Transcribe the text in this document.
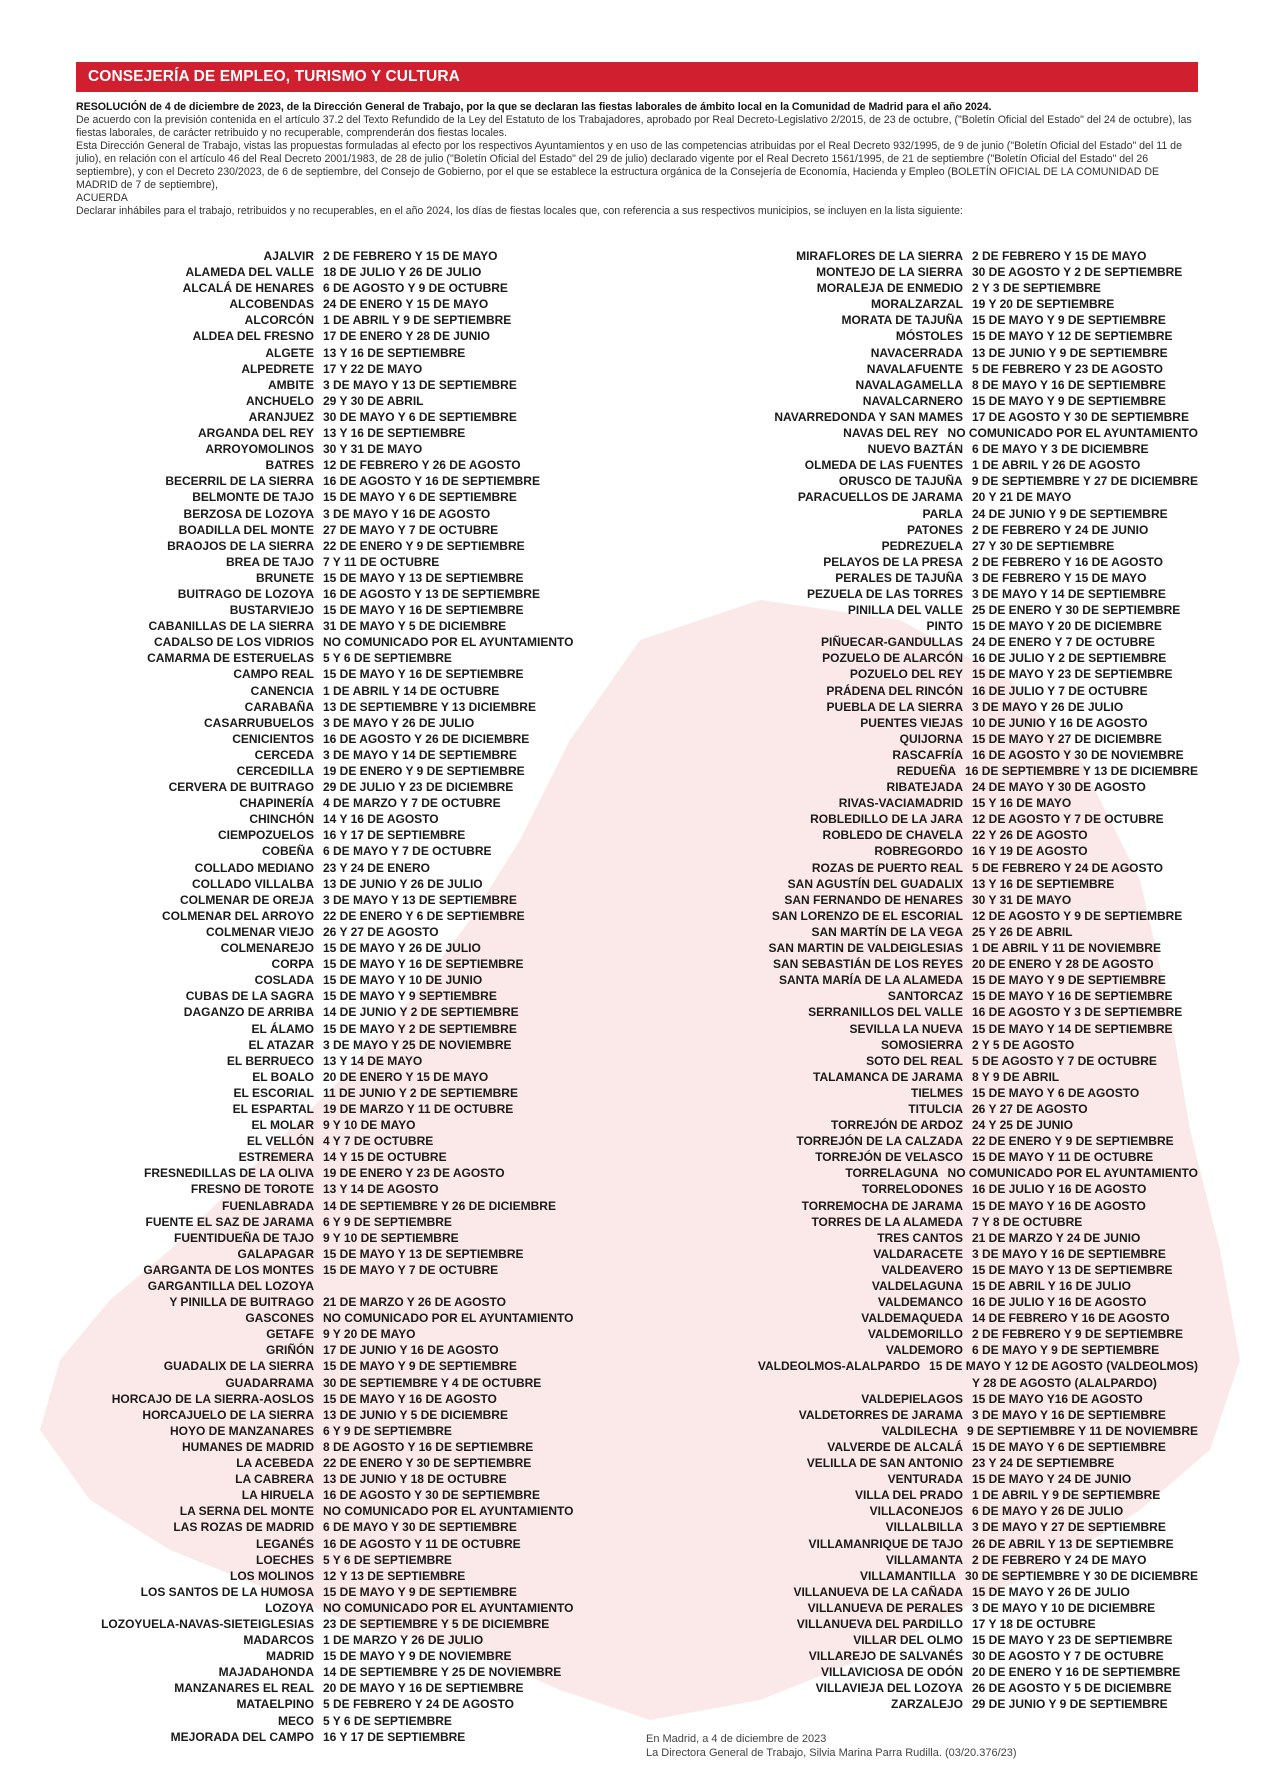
CONSEJERÍA DE EMPLEO, TURISMO Y CULTURA

RESOLUCIÓN de 4 de diciembre de 2023, de la Dirección General de Trabajo, por la que se declaran las fiestas laborales de ámbito local en la Comunidad de Madrid para el año 2024.

De acuerdo con la previsión contenida en el artículo 37.2 del Texto Refundido de la Ley del Estatuto de los Trabajadores, aprobado por Real Decreto-Legislativo 2/2015, de 23 de octubre, ("Boletín Oficial del Estado" del 24 de octubre), las fiestas laborales, de carácter retribuido y no recuperable, comprenderán dos fiestas locales.

Esta Dirección General de Trabajo, vistas las propuestas formuladas al efecto por los respectivos Ayuntamientos y en uso de las competencias atribuidas por el Real Decreto 932/1995, de 9 de junio ("Boletín Oficial del Estado" del 11 de julio), en relación con el artículo 46 del Real Decreto 2001/1983, de 28 de julio ("Boletín Oficial del Estado" del 29 de julio) declarado vigente por el Real Decreto 1561/1995, de 21 de septiembre ("Boletín Oficial del Estado" del 26 septiembre), y con el Decreto 230/2023, de 6 de septiembre, del Consejo de Gobierno, por el que se establece la estructura orgánica de la Consejería de Economía, Hacienda y Empleo (BOLETÍN OFICIAL DE LA COMUNIDAD DE MADRID de 7 de septiembre),

ACUERDA

Declarar inhábiles para el trabajo, retribuidos y no recuperables, en el año 2024, los días de fiestas locales que, con referencia a sus respectivos municipios, se incluyen en la lista siguiente:

AJALVIR 2 DE FEBRERO Y 15 DE MAYO
ALAMEDA DEL VALLE 18 DE JULIO Y 26 DE JULIO
ALCALÁ DE HENARES 6 DE AGOSTO Y 9 DE OCTUBRE
ALCOBENDAS 24 DE ENERO Y 15 DE MAYO
ALCORCÓN 1 DE ABRIL Y 9 DE SEPTIEMBRE
ALDEA DEL FRESNO 17 DE ENERO Y 28 DE JUNIO
ALGETE 13 Y 16 DE SEPTIEMBRE
ALPEDRETE 17 Y 22 DE MAYO
AMBITE 3 DE MAYO Y 13 DE SEPTIEMBRE
ANCHUELO 29 Y 30 DE ABRIL
ARANJUEZ 30 DE MAYO Y 6 DE SEPTIEMBRE
ARGANDA DEL REY 13 Y 16 DE SEPTIEMBRE
ARROYOMOLINOS 30 Y 31 DE MAYO
BATRES 12 DE FEBRERO Y 26 DE AGOSTO
BECERRIL DE LA SIERRA 16 DE AGOSTO Y 16 DE SEPTIEMBRE
BELMONTE DE TAJO 15 DE MAYO Y 6 DE SEPTIEMBRE
BERZOSA DE LOZOYA 3 DE MAYO Y 16 DE AGOSTO
BOADILLA DEL MONTE 27 DE MAYO Y 7 DE OCTUBRE
BRAOJOS DE LA SIERRA 22 DE ENERO Y 9 DE SEPTIEMBRE
BREA DE TAJO 7 Y 11 DE OCTUBRE
BRUNETE 15 DE MAYO Y 13 DE SEPTIEMBRE
BUITRAGO DE LOZOYA 16 DE AGOSTO Y 13 DE SEPTIEMBRE
BUSTARVIEJO 15 DE MAYO Y 16 DE SEPTIEMBRE
CABANILLAS DE LA SIERRA 31 DE MAYO Y 5 DE DICIEMBRE
CADALSO DE LOS VIDRIOS NO COMUNICADO POR EL AYUNTAMIENTO
CAMARMA DE ESTERUELAS 5 Y 6 DE SEPTIEMBRE
CAMPO REAL 15 DE MAYO Y 16 DE SEPTIEMBRE
CANENCIA 1 DE ABRIL Y 14 DE OCTUBRE
CARABAÑA 13 DE SEPTIEMBRE Y 13 DICIEMBRE
CASARRUBUELOS 3 DE MAYO Y 26 DE JULIO
CENICIENTOS 16 DE AGOSTO Y 26 DE DICIEMBRE
CERCEDA 3 DE MAYO Y 14 DE SEPTIEMBRE
CERCEDILLA 19 DE ENERO Y 9 DE SEPTIEMBRE
CERVERA DE BUITRAGO 29 DE JULIO Y 23 DE DICIEMBRE
CHAPINERÍA 4 DE MARZO Y 7 DE OCTUBRE
CHINCHÓN 14 Y 16 DE AGOSTO
CIEMPOZUELOS 16 Y 17 DE SEPTIEMBRE
COBEÑA 6 DE MAYO Y 7 DE OCTUBRE
COLLADO MEDIANO 23 Y 24 DE ENERO
COLLADO VILLALBA 13 DE JUNIO Y 26 DE JULIO
COLMENAR DE OREJA 3 DE MAYO Y 13 DE SEPTIEMBRE
COLMENAR DEL ARROYO 22 DE ENERO Y 6 DE SEPTIEMBRE
COLMENAR VIEJO 26 Y 27 DE AGOSTO
COLMENAREJO 15 DE MAYO Y 26 DE JULIO
CORPA 15 DE MAYO Y 16 DE SEPTIEMBRE
COSLADA 15 DE MAYO Y 10 DE JUNIO
CUBAS DE LA SAGRA 15 DE MAYO Y 9 SEPTIEMBRE
DAGANZO DE ARRIBA 14 DE JUNIO Y 2 DE SEPTIEMBRE
EL ÁLAMO 15 DE MAYO Y 2 DE SEPTIEMBRE
EL ATAZAR 3 DE MAYO Y 25 DE NOVIEMBRE
EL BERRUECO 13 Y 14 DE MAYO
EL BOALO 20 DE ENERO Y 15 DE MAYO
EL ESCORIAL 11 DE JUNIO Y 2 DE SEPTIEMBRE
EL ESPARTAL 19 DE MARZO Y 11 DE OCTUBRE
EL MOLAR 9 Y 10 DE MAYO
EL VELLÓN 4 Y 7 DE OCTUBRE
ESTREMERA 14 Y 15 DE OCTUBRE
FRESNEDILLAS DE LA OLIVA 19 DE ENERO Y 23 DE AGOSTO
FRESNO DE TOROTE 13 Y 14 DE AGOSTO
FUENLABRADA 14 DE SEPTIEMBRE Y 26 DE DICIEMBRE
FUENTE EL SAZ DE JARAMA 6 Y 9 DE SEPTIEMBRE
FUENTIDUEÑA DE TAJO 9 Y 10 DE SEPTIEMBRE
GALAPAGAR 15 DE MAYO Y 13 DE SEPTIEMBRE
GARGANTA DE LOS MONTES 15 DE MAYO Y 7 DE OCTUBRE
GARGANTILLA DEL LOZOYA
Y PINILLA DE BUITRAGO 21 DE MARZO Y 26 DE AGOSTO
GASCONES NO COMUNICADO POR EL AYUNTAMIENTO
GETAFE 9 Y 20 DE MAYO
GRIÑÓN 17 DE JUNIO Y 16 DE AGOSTO
GUADALIX DE LA SIERRA 15 DE MAYO Y 9 DE SEPTIEMBRE
GUADARRAMA 30 DE SEPTIEMBRE Y 4 DE OCTUBRE
HORCAJO DE LA SIERRA-AOSLOS 15 DE MAYO Y 16 DE AGOSTO
HORCAJUELO DE LA SIERRA 13 DE JUNIO Y 5 DE DICIEMBRE
HOYO DE MANZANARES 6 Y 9 DE SEPTIEMBRE
HUMANES DE MADRID 8 DE AGOSTO Y 16 DE SEPTIEMBRE
LA ACEBEDA 22 DE ENERO Y 30 DE SEPTIEMBRE
LA CABRERA 13 DE JUNIO Y 18 DE OCTUBRE
LA HIRUELA 16 DE AGOSTO Y 30 DE SEPTIEMBRE
LA SERNA DEL MONTE NO COMUNICADO POR EL AYUNTAMIENTO
LAS ROZAS DE MADRID 6 DE MAYO Y 30 DE SEPTIEMBRE
LEGANÉS 16 DE AGOSTO Y 11 DE OCTUBRE
LOECHES 5 Y 6 DE SEPTIEMBRE
LOS MOLINOS 12 Y 13 DE SEPTIEMBRE
LOS SANTOS DE LA HUMOSA 15 DE MAYO Y 9 DE SEPTIEMBRE
LOZOYA NO COMUNICADO POR EL AYUNTAMIENTO
LOZOYUELA-NAVAS-SIETEIGLESIAS 23 DE SEPTIEMBRE Y 5 DE DICIEMBRE
MADARCOS 1 DE MARZO Y 26 DE JULIO
MADRID 15 DE MAYO Y 9 DE NOVIEMBRE
MAJADAHONDA 14 DE SEPTIEMBRE Y 25 DE NOVIEMBRE
MANZANARES EL REAL 20 DE MAYO Y 16 DE SEPTIEMBRE
MATAELPINO 5 DE FEBRERO Y 24 DE AGOSTO
MECO 5 Y 6 DE SEPTIEMBRE
MEJORADA DEL CAMPO 16 Y 17 DE SEPTIEMBRE
MIRAFLORES DE LA SIERRA 2 DE FEBRERO Y 15 DE MAYO
MONTEJO DE LA SIERRA 30 DE AGOSTO Y 2 DE SEPTIEMBRE
MORALEJA DE ENMEDIO 2 Y 3 DE SEPTIEMBRE
MORALZARZAL 19 Y 20 DE SEPTIEMBRE
MORATA DE TAJUÑA 15 DE MAYO Y 9 DE SEPTIEMBRE
MÓSTOLES 15 DE MAYO Y 12 DE SEPTIEMBRE
NAVACERRADA 13 DE JUNIO Y 9 DE SEPTIEMBRE
NAVALAFUENTE 5 DE FEBRERO Y 23 DE AGOSTO
NAVALAGAMELLA 8 DE MAYO Y 16 DE SEPTIEMBRE
NAVALCARNERO 15 DE MAYO Y 9 DE SEPTIEMBRE
NAVARREDONDA Y SAN MAMES 17 DE AGOSTO Y 30 DE SEPTIEMBRE
NAVAS DEL REY NO COMUNICADO POR EL AYUNTAMIENTO
NUEVO BAZTÁN 6 DE MAYO Y 3 DE DICIEMBRE
OLMEDA DE LAS FUENTES 1 DE ABRIL Y 26 DE AGOSTO
ORUSCO DE TAJUÑA 9 DE SEPTIEMBRE Y 27 DE DICIEMBRE
PARACUELLOS DE JARAMA 20 Y 21 DE MAYO
PARLA 24 DE JUNIO Y 9 DE SEPTIEMBRE
PATONES 2 DE FEBRERO Y 24 DE JUNIO
PEDREZUELA 27 Y 30 DE SEPTIEMBRE
PELAYOS DE LA PRESA 2 DE FEBRERO Y 16 DE AGOSTO
PERALES DE TAJUÑA 3 DE FEBRERO Y 15 DE MAYO
PEZUELA DE LAS TORRES 3 DE MAYO Y 14 DE SEPTIEMBRE
PINILLA DEL VALLE 25 DE ENERO Y 30 DE SEPTIEMBRE
PINTO 15 DE MAYO Y 20 DE DICIEMBRE
PIÑUECAR-GANDULLAS 24 DE ENERO Y 7 DE OCTUBRE
POZUELO DE ALARCÓN 16 DE JULIO Y 2 DE SEPTIEMBRE
POZUELO DEL REY 15 DE MAYO Y 23 DE SEPTIEMBRE
PRÁDENA DEL RINCÓN 16 DE JULIO Y 7 DE OCTUBRE
PUEBLA DE LA SIERRA 3 DE MAYO Y 26 DE JULIO
PUENTES VIEJAS 10 DE JUNIO Y 16 DE AGOSTO
QUIJORNA 15 DE MAYO Y 27 DE DICIEMBRE
RASCAFRÍA 16 DE AGOSTO Y 30 DE NOVIEMBRE
REDUEÑA 16 DE SEPTIEMBRE Y 13 DE DICIEMBRE
RIBATEJADA 24 DE MAYO Y 30 DE AGOSTO
RIVAS-VACIAMADRID 15 Y 16 DE MAYO
ROBLEDILLO DE LA JARA 12 DE AGOSTO Y 7 DE OCTUBRE
ROBLEDO DE CHAVELA 22 Y 26 DE AGOSTO
ROBREGORDO 16 Y 19 DE AGOSTO
ROZAS DE PUERTO REAL 5 DE FEBRERO Y 24 DE AGOSTO
SAN AGUSTÍN DEL GUADALIX 13 Y 16 DE SEPTIEMBRE
SAN FERNANDO DE HENARES 30 Y 31 DE MAYO
SAN LORENZO DE EL ESCORIAL 12 DE AGOSTO Y 9 DE SEPTIEMBRE
SAN MARTÍN DE LA VEGA 25 Y 26 DE ABRIL
SAN MARTIN DE VALDEIGLESIAS 1 DE ABRIL Y 11 DE NOVIEMBRE
SAN SEBASTIÁN DE LOS REYES 20 DE ENERO Y 28 DE AGOSTO
SANTA MARÍA DE LA ALAMEDA 15 DE MAYO Y 9 DE SEPTIEMBRE
SANTORCAZ 15 DE MAYO Y 16 DE SEPTIEMBRE
SERRANILLOS DEL VALLE 16 DE AGOSTO Y 3 DE SEPTIEMBRE
SEVILLA LA NUEVA 15 DE MAYO Y 14 DE SEPTIEMBRE
SOMOSIERRA 2 Y 5 DE AGOSTO
SOTO DEL REAL 5 DE AGOSTO Y 7 DE OCTUBRE
TALAMANCA DE JARAMA 8 Y 9 DE ABRIL
TIELMES 15 DE MAYO Y 6 DE AGOSTO
TITULCIA 26 Y 27 DE AGOSTO
TORREJÓN DE ARDOZ 24 Y 25 DE JUNIO
TORREJÓN DE LA CALZADA 22 DE ENERO Y 9 DE SEPTIEMBRE
TORREJÓN DE VELASCO 15 DE MAYO Y 11 DE OCTUBRE
TORRELAGUNA NO COMUNICADO POR EL AYUNTAMIENTO
TORRELODONES 16 DE JULIO Y 16 DE AGOSTO
TORREMOCHA DE JARAMA 15 DE MAYO Y 16 DE AGOSTO
TORRES DE LA ALAMEDA 7 Y 8 DE OCTUBRE
TRES CANTOS 21 DE MARZO Y 24 DE JUNIO
VALDARACETE 3 DE MAYO Y 16 DE SEPTIEMBRE
VALDEAVERO 15 DE MAYO Y 13 DE SEPTIEMBRE
VALDELAGUNA 15 DE ABRIL Y 16 DE JULIO
VALDEMANCO 16 DE JULIO Y 16 DE AGOSTO
VALDEMAQUEDA 14 DE FEBRERO Y 16 DE AGOSTO
VALDEMORILLO 2 DE FEBRERO Y 9 DE SEPTIEMBRE
VALDEMORO 6 DE MAYO Y 9 DE SEPTIEMBRE
VALDEOLMOS-ALALPARDO 15 DE MAYO Y 12 DE AGOSTO (VALDEOLMOS)
Y 28 DE AGOSTO (ALALPARDO)
VALDEPIELAGOS 15 DE MAYO Y16 DE AGOSTO
VALDETORRES DE JARAMA 3 DE MAYO Y 16 DE SEPTIEMBRE
VALDILECHA 9 DE SEPTIEMBRE Y 11 DE NOVIEMBRE
VALVERDE DE ALCALÁ 15 DE MAYO Y 6 DE SEPTIEMBRE
VELILLA DE SAN ANTONIO 23 Y 24 DE SEPTIEMBRE
VENTURADA 15 DE MAYO Y 24 DE JUNIO
VILLA DEL PRADO 1 DE ABRIL Y 9 DE SEPTIEMBRE
VILLACONEJOS 6 DE MAYO Y 26 DE JULIO
VILLALBILLA 3 DE MAYO Y 27 DE SEPTIEMBRE
VILLAMANRIQUE DE TAJO 26 DE ABRIL Y 13 DE SEPTIEMBRE
VILLAMANTA 2 DE FEBRERO Y 24 DE MAYO
VILLAMANTILLA 30 DE SEPTIEMBRE Y 30 DE DICIEMBRE
VILLANUEVA DE LA CAÑADA 15 DE MAYO Y 26 DE JULIO
VILLANUEVA DE PERALES 3 DE MAYO Y 10 DE DICIEMBRE
VILLANUEVA DEL PARDILLO 17 Y 18 DE OCTUBRE
VILLAR DEL OLMO 15 DE MAYO Y 23 DE SEPTIEMBRE
VILLAREJO DE SALVANÉS 30 DE AGOSTO Y 7 DE OCTUBRE
VILLAVICIOSA DE ODÓN 20 DE ENERO Y 16 DE SEPTIEMBRE
VILLAVIEJA DEL LOZOYA 26 DE AGOSTO Y 5 DE DICIEMBRE
ZARZALEJO 29 DE JUNIO Y 9 DE SEPTIEMBRE

En Madrid, a 4 de diciembre de 2023

La Directora General de Trabajo, Silvia Marina Parra Rudilla. (03/20.376/23)
